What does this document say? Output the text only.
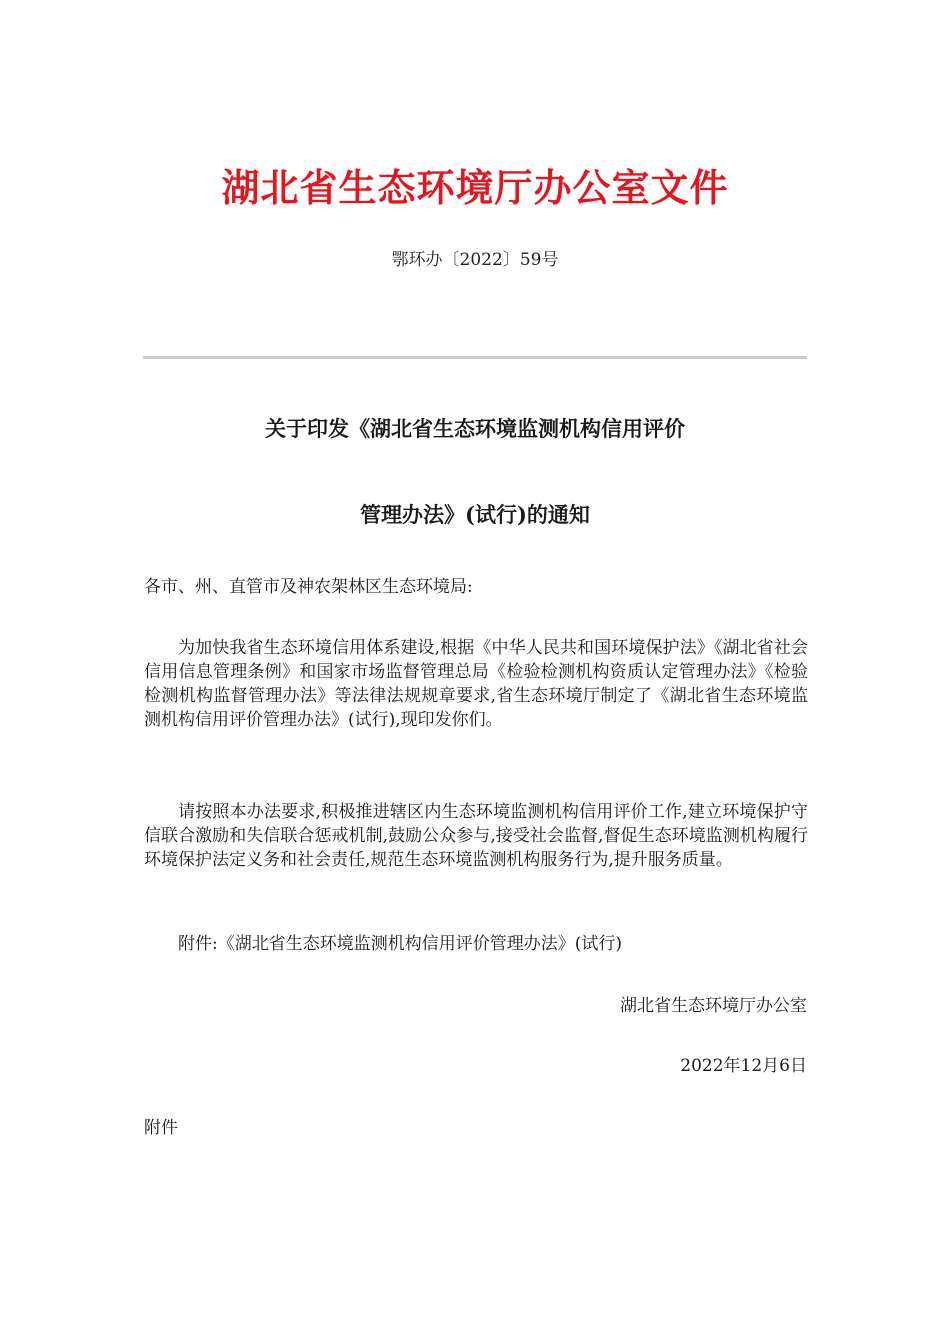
湖北省生态环境厅办公室文件
鄂环办〔2022〕59号
关于印发《湖北省生态环境监测机构信用评价
管理办法》(试行)的通知
各市、州、直管市及神农架林区生态环境局:
为加快我省生态环境信用体系建设,根据《中华人民共和国环境保护法》《湖北省社会信用信息管理条例》和国家市场监督管理总局《检验检测机构资质认定管理办法》《检验检测机构监督管理办法》等法律法规规章要求,省生态环境厅制定了《湖北省生态环境监测机构信用评价管理办法》(试行),现印发你们。
请按照本办法要求,积极推进辖区内生态环境监测机构信用评价工作,建立环境保护守信联合激励和失信联合惩戒机制,鼓励公众参与,接受社会监督,督促生态环境监测机构履行环境保护法定义务和社会责任,规范生态环境监测机构服务行为,提升服务质量。
附件:《湖北省生态环境监测机构信用评价管理办法》(试行)
湖北省生态环境厅办公室
2022年12月6日
附件
